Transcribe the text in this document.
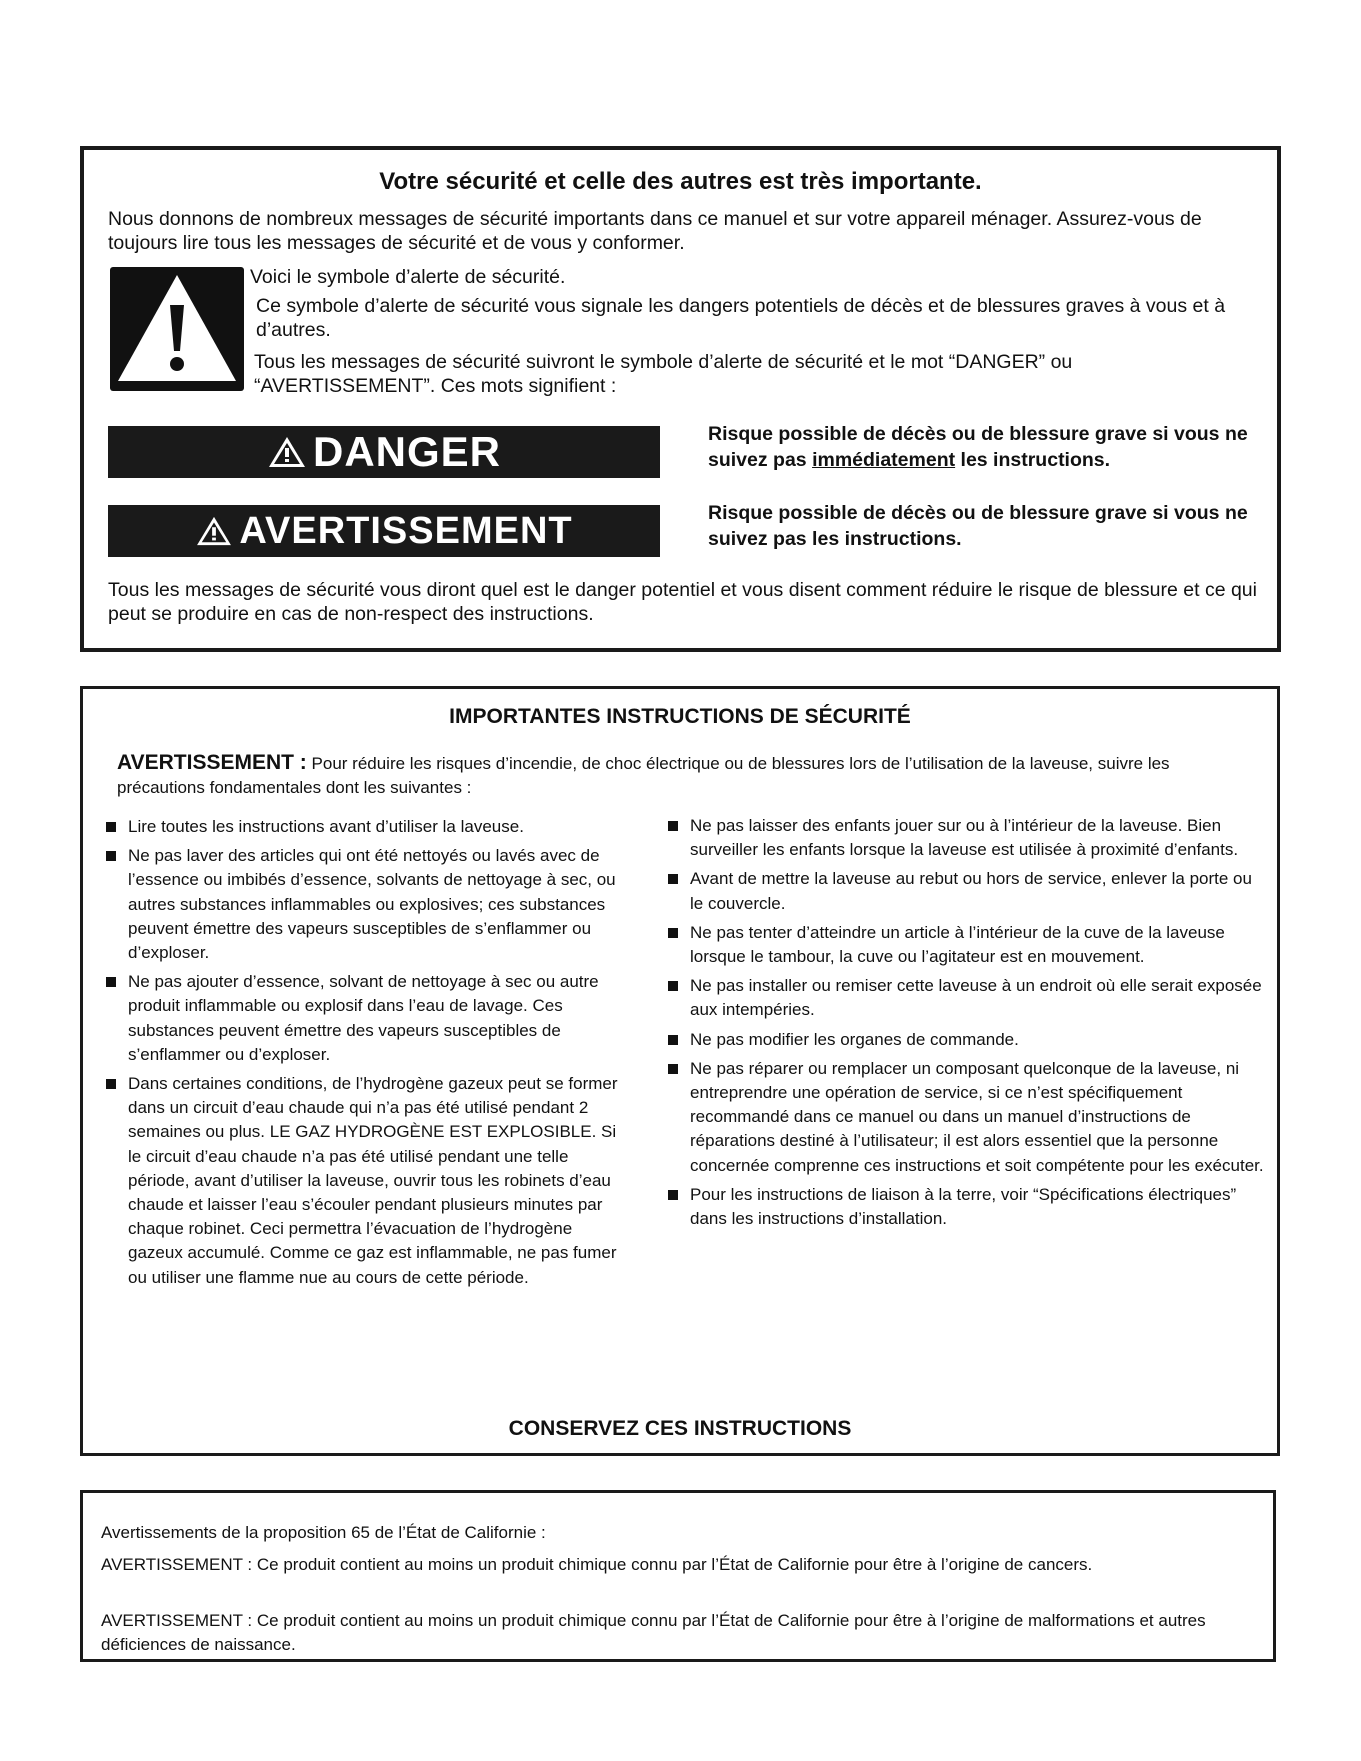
Votre sécurité et celle des autres est très importante.
Nous donnons de nombreux messages de sécurité importants dans ce manuel et sur votre appareil ménager. Assurez-vous de toujours lire tous les messages de sécurité et de vous y conformer.
Voici le symbole d’alerte de sécurité.
Ce symbole d’alerte de sécurité vous signale les dangers potentiels de décès et de blessures graves à vous et à d’autres.
Tous les messages de sécurité suivront le symbole d’alerte de sécurité et le mot “DANGER” ou “AVERTISSEMENT”. Ces mots signifient :
DANGER	Risque possible de décès ou de blessure grave si vous ne suivez pas immédiatement les instructions.
AVERTISSEMENT	Risque possible de décès ou de blessure grave si vous ne suivez pas les instructions.
Tous les messages de sécurité vous diront quel est le danger potentiel et vous disent comment réduire le risque de blessure et ce qui peut se produire en cas de non-respect des instructions.
IMPORTANTES INSTRUCTIONS DE SÉCURITÉ
AVERTISSEMENT : Pour réduire les risques d’incendie, de choc électrique ou de blessures lors de l’utilisation de la laveuse, suivre les précautions fondamentales dont les suivantes :
Lire toutes les instructions avant d’utiliser la laveuse.
Ne pas laver des articles qui ont été nettoyés ou lavés avec de l’essence ou imbibés d’essence, solvants de nettoyage à sec, ou autres substances inflammables ou explosives; ces substances peuvent émettre des vapeurs susceptibles de s’enflammer ou d’exploser.
Ne pas ajouter d’essence, solvant de nettoyage à sec ou autre produit inflammable ou explosif dans l’eau de lavage. Ces substances peuvent émettre des vapeurs susceptibles de s’enflammer ou d’exploser.
Dans certaines conditions, de l’hydrogène gazeux peut se former dans un circuit d’eau chaude qui n’a pas été utilisé pendant 2 semaines ou plus. LE GAZ HYDROGÈNE EST EXPLOSIBLE. Si le circuit d’eau chaude n’a pas été utilisé pendant une telle période, avant d’utiliser la laveuse, ouvrir tous les robinets d’eau chaude et laisser l’eau s’écouler pendant plusieurs minutes par chaque robinet. Ceci permettra l’évacuation de l’hydrogène gazeux accumulé. Comme ce gaz est inflammable, ne pas fumer ou utiliser une flamme nue au cours de cette période.
Ne pas laisser des enfants jouer sur ou à l’intérieur de la laveuse. Bien surveiller les enfants lorsque la laveuse est utilisée à proximité d’enfants.
Avant de mettre la laveuse au rebut ou hors de service, enlever la porte ou le couvercle.
Ne pas tenter d’atteindre un article à l’intérieur de la cuve de la laveuse lorsque le tambour, la cuve ou l’agitateur est en mouvement.
Ne pas installer ou remiser cette laveuse à un endroit où elle serait exposée aux intempéries.
Ne pas modifier les organes de commande.
Ne pas réparer ou remplacer un composant quelconque de la laveuse, ni entreprendre une opération de service, si ce n’est spécifiquement recommandé dans ce manuel ou dans un manuel d’instructions de réparations destiné à l’utilisateur; il est alors essentiel que la personne concernée comprenne ces instructions et soit compétente pour les exécuter.
Pour les instructions de liaison à la terre, voir “Spécifications électriques” dans les instructions d’installation.
CONSERVEZ CES INSTRUCTIONS
Avertissements de la proposition 65 de l’État de Californie :
AVERTISSEMENT : Ce produit contient au moins un produit chimique connu par l’État de Californie pour être à l’origine de cancers.
AVERTISSEMENT : Ce produit contient au moins un produit chimique connu par l’État de Californie pour être à l’origine de malformations et autres déficiences de naissance.
